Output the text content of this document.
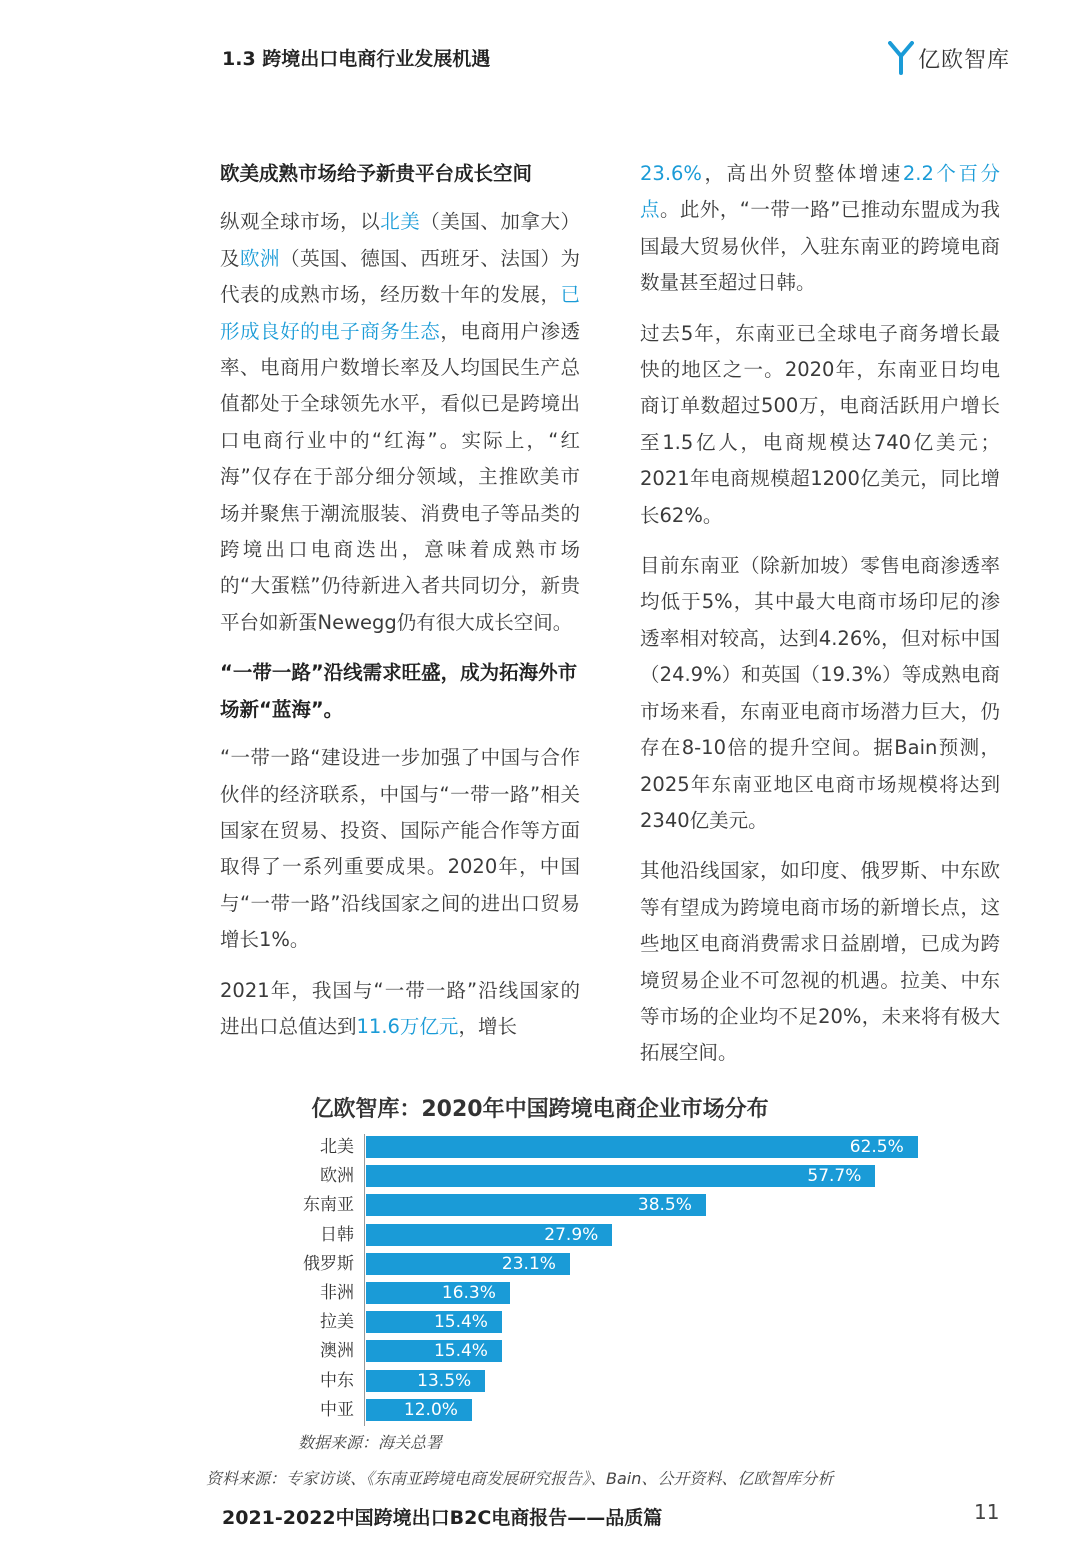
1.3 跨境出口电商行业发展机遇	亿欧智库

欧美成熟市场给予新贵平台成长空间

纵观全球市场，以北美（美国、加拿大）及欧洲（英国、德国、西班牙、法国）为代表的成熟市场，经历数十年的发展，已形成良好的电子商务生态，电商用户渗透率、电商用户数增长率及人均国民生产总值都处于全球领先水平，看似已是跨境出口电商行业中的“红海”。实际上，“红海”仅存在于部分细分领域，主推欧美市场并聚焦于潮流服装、消费电子等品类的跨境出口电商迭出，意味着成熟市场的“大蛋糕”仍待新进入者共同切分，新贵平台如新蛋Newegg仍有很大成长空间。

“一带一路”沿线需求旺盛，成为拓海外市场新“蓝海”。

“一带一路“建设进一步加强了中国与合作伙伴的经济联系，中国与“一带一路”相关国家在贸易、投资、国际产能合作等方面取得了一系列重要成果。2020年，中国与“一带一路”沿线国家之间的进出口贸易增长1%。

2021年，我国与“一带一路”沿线国家的进出口总值达到11.6万亿元，增长

23.6%，高出外贸整体增速2.2个百分点。此外，“一带一路”已推动东盟成为我国最大贸易伙伴，入驻东南亚的跨境电商数量甚至超过日韩。

过去5年，东南亚已全球电子商务增长最快的地区之一。2020年，东南亚日均电商订单数超过500万，电商活跃用户增长至1.5亿人，电商规模达740亿美元；2021年电商规模超1200亿美元，同比增长62%。

目前东南亚（除新加坡）零售电商渗透率均低于5%，其中最大电商市场印尼的渗透率相对较高，达到4.26%，但对标中国（24.9%）和英国（19.3%）等成熟电商市场来看，东南亚电商市场潜力巨大，仍存在8-10倍的提升空间。据Bain预测，2025年东南亚地区电商市场规模将达到2340亿美元。

其他沿线国家，如印度、俄罗斯、中东欧等有望成为跨境电商市场的新增长点，这些地区电商消费需求日益剧增，已成为跨境贸易企业不可忽视的机遇。拉美、中东等市场的企业均不足20%，未来将有极大拓展空间。

亿欧智库：2020年中国跨境电商企业市场分布
北美	62.5%
欧洲	57.7%
东南亚	38.5%
日韩	27.9%
俄罗斯	23.1%
非洲	16.3%
拉美	15.4%
澳洲	15.4%
中东	13.5%
中亚	12.0%
数据来源：海关总署
资料来源：专家访谈、《东南亚跨境电商发展研究报告》、Bain、公开资料、亿欧智库分析
2021-2022中国跨境出口B2C电商报告——品质篇	11
